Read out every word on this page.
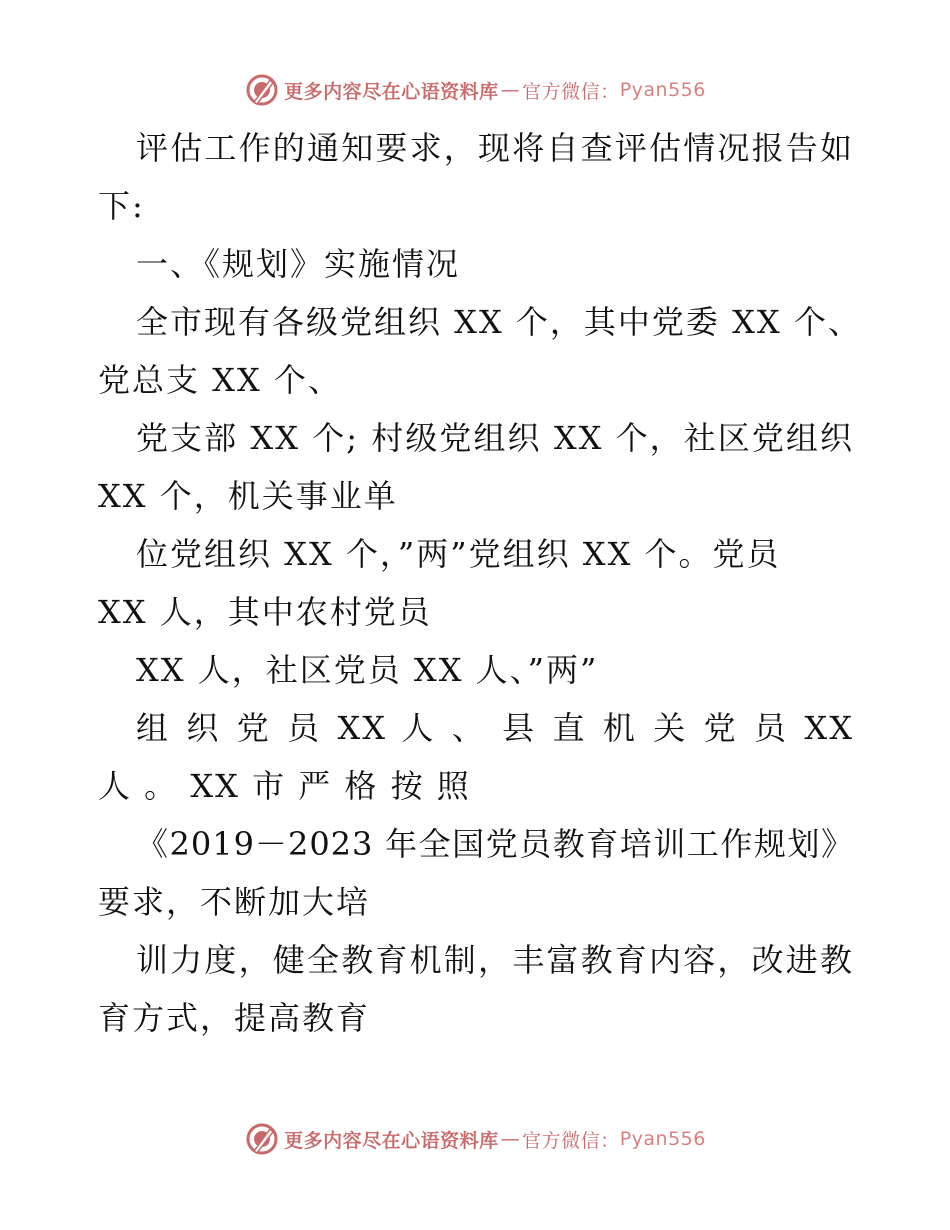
更多内容尽在心语资料库 — 官方微信： Pyan556
评估工作的通知要求，现将自查评估情况报告如
下:
一、《规划》实施情况
全市现有各级党组织 XX 个，其中党委 XX 个、
党总支 XX 个、
党支部 XX 个; 村级党组织 XX 个，社区党组织
XX 个，机关事业单
位党组织 XX 个，”两”党组织 XX 个。党员
XX 人，其中农村党员
XX 人，社区党员 XX 人、”两”
组 织 党 员 XX 人 、 县 直 机 关 党 员 XX
人 。 XX 市 严 格 按 照
《2019－2023 年全国党员教育培训工作规划》
要求，不断加大培
训力度，健全教育机制，丰富教育内容，改进教
育方式，提高教育
更多内容尽在心语资料库 — 官方微信： Pyan556
